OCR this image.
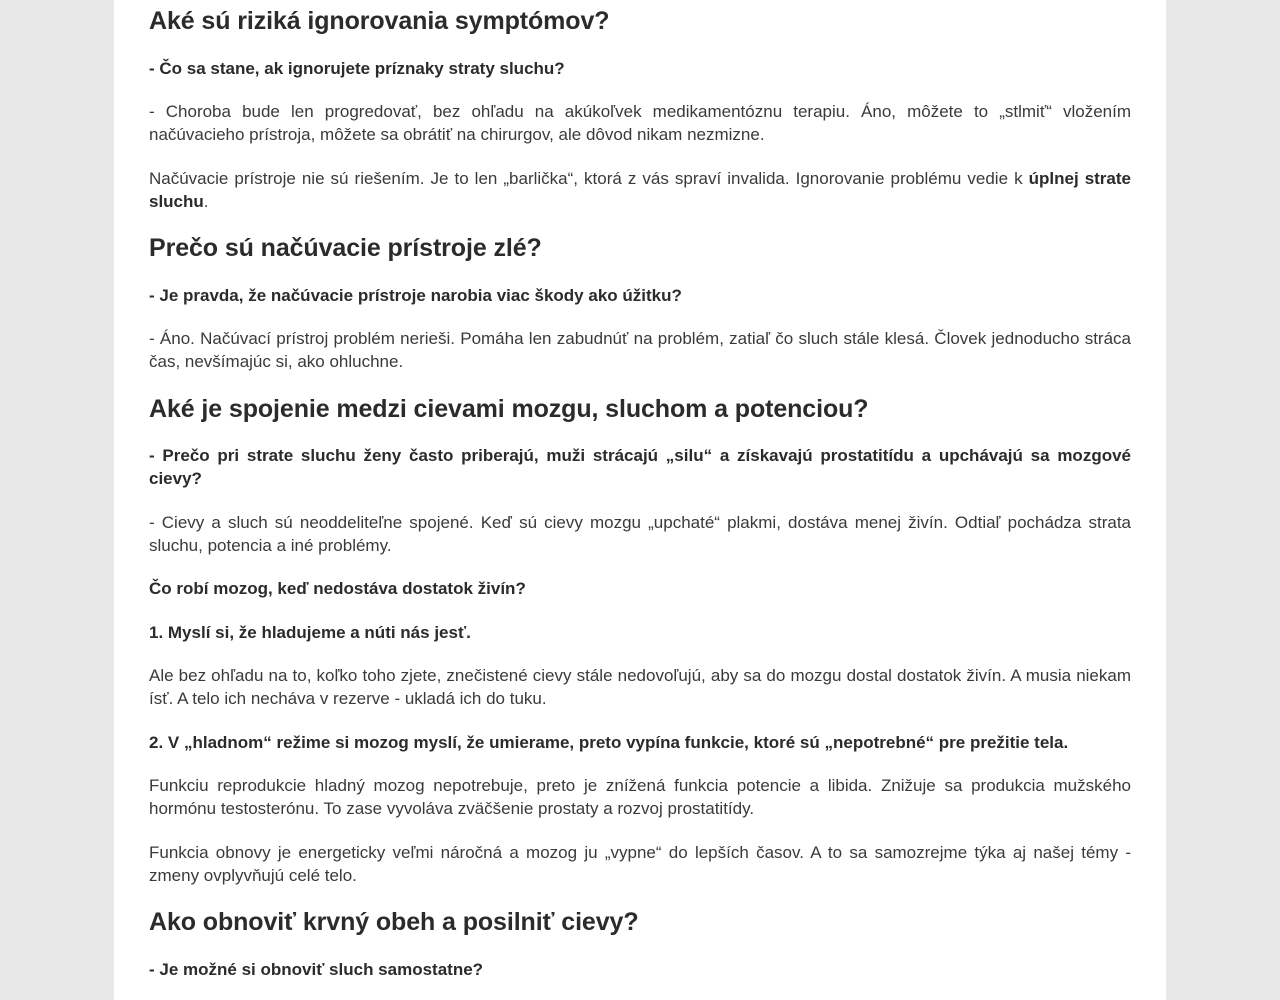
Aké sú riziká ignorovania symptómov?

- Čo sa stane, ak ignorujete príznaky straty sluchu?

- Choroba bude len progredovať, bez ohľadu na akúkoľvek medikamentóznu terapiu. Áno, môžete to „stlmiť“ vložením načúvacieho prístroja, môžete sa obrátiť na chirurgov, ale dôvod nikam nezmizne.

Načúvacie prístroje nie sú riešením. Je to len „barlička“, ktorá z vás spraví invalida. Ignorovanie problému vedie k úplnej strate sluchu.

Prečo sú načúvacie prístroje zlé?

- Je pravda, že načúvacie prístroje narobia viac škody ako úžitku?

- Áno. Načúvací prístroj problém nerieši. Pomáha len zabudnúť na problém, zatiaľ čo sluch stále klesá. Človek jednoducho stráca čas, nevšímajúc si, ako ohluchne.

Aké je spojenie medzi cievami mozgu, sluchom a potenciou?

- Prečo pri strate sluchu ženy často priberajú, muži strácajú „silu“ a získavajú prostatitídu a upchávajú sa mozgové cievy?

- Cievy a sluch sú neoddeliteľne spojené. Keď sú cievy mozgu „upchaté“ plakmi, dostáva menej živín. Odtiaľ pochádza strata sluchu, potencia a iné problémy.

Čo robí mozog, keď nedostáva dostatok živín?

1. Myslí si, že hladujeme a núti nás jesť.

Ale bez ohľadu na to, koľko toho zjete, znečistené cievy stále nedovoľujú, aby sa do mozgu dostal dostatok živín. A musia niekam ísť. A telo ich necháva v rezerve - ukladá ich do tuku.

2. V „hladnom“ režime si mozog myslí, že umierame, preto vypína funkcie, ktoré sú „nepotrebné“ pre prežitie tela.

Funkciu reprodukcie hladný mozog nepotrebuje, preto je znížená funkcia potencie a libida. Znižuje sa produkcia mužského hormónu testosterónu. To zase vyvoláva zväčšenie prostaty a rozvoj prostatitídy.

Funkcia obnovy je energeticky veľmi náročná a mozog ju „vypne“ do lepších časov. A to sa samozrejme týka aj našej témy - zmeny ovplyvňujú celé telo.

Ako obnoviť krvný obeh a posilniť cievy?

- Je možné si obnoviť sluch samostatne?
